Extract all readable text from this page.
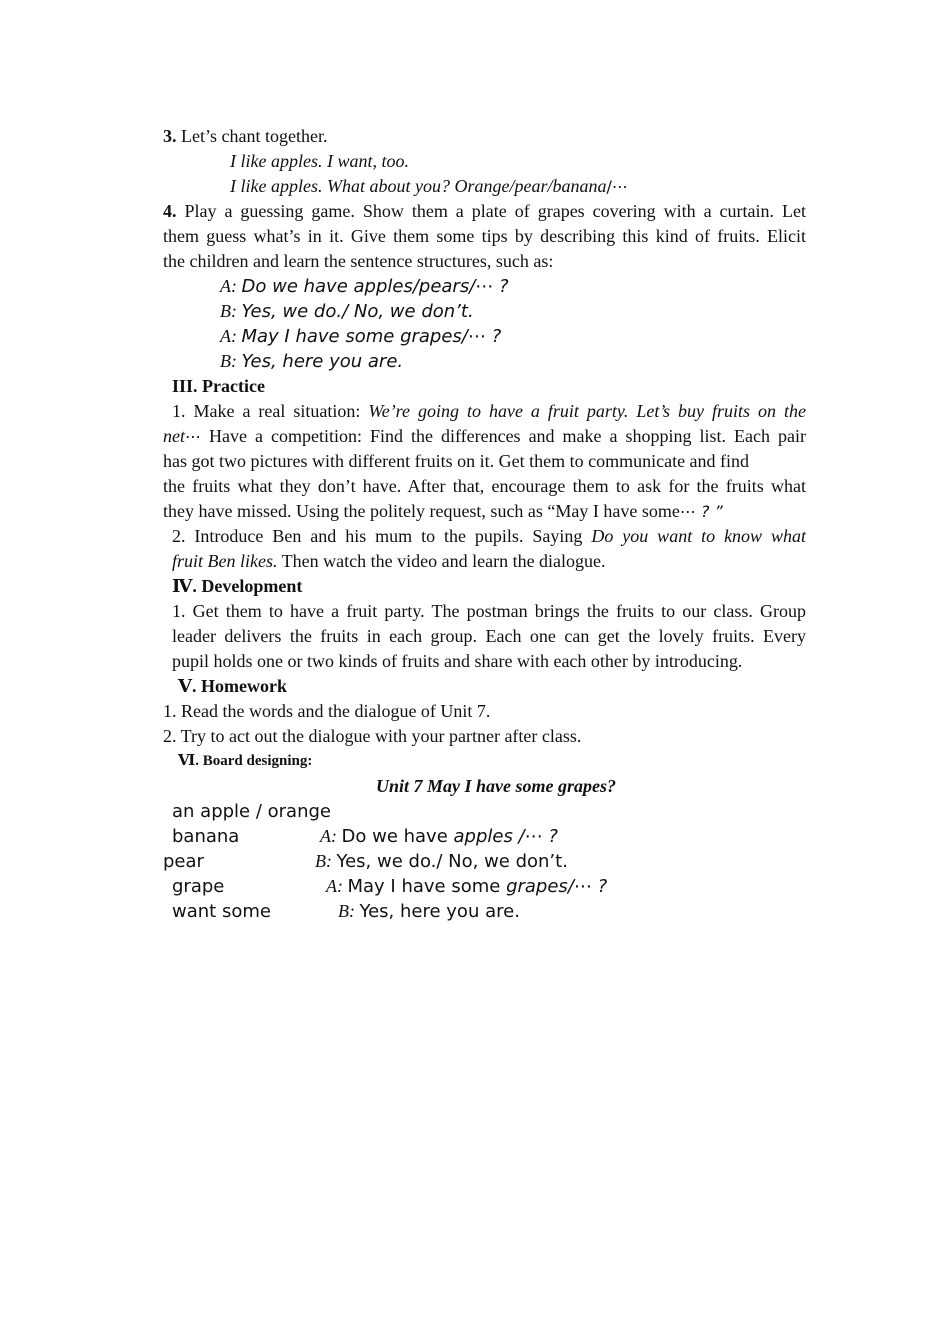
3. Let’s chant together.
I like apples. I want, too.
I like apples. What about you? Orange/pear/banana/⋯
4. Play a guessing game. Show them a plate of grapes covering with a curtain. Let
them guess what’s in it. Give them some tips by describing this kind of fruits. Elicit
the children and learn the sentence structures, such as:
A: Do we have apples/pears/⋯ ?
B: Yes, we do./ No, we don’t.
A: May I have some grapes/⋯ ?
B: Yes, here you are.
III. Practice
1. Make a real situation: We’re going to have a fruit party. Let’s buy fruits on the
net⋯ Have a competition: Find the differences and make a shopping list. Each pair
has got two pictures with different fruits on it. Get them to communicate and find
the fruits what they don’t have. After that, encourage them to ask for the fruits what
they have missed. Using the politely request, such as “May I have some⋯ ? ”
2. Introduce Ben and his mum to the pupils. Saying Do you want to know what
fruit Ben likes. Then watch the video and learn the dialogue.
Ⅳ. Development
1. Get them to have a fruit party. The postman brings the fruits to our class. Group
leader delivers the fruits in each group. Each one can get the lovely fruits. Every
pupil holds one or two kinds of fruits and share with each other by introducing.
Ⅴ. Homework
1. Read the words and the dialogue of Unit 7.
2. Try to act out the dialogue with your partner after class.
Ⅵ. Board designing:
Unit 7 May I have some grapes?
an apple / orange
banana
pear
grape
want some
A: Do we have apples /⋯ ?
B: Yes, we do./ No, we don’t.
A: May I have some grapes/⋯ ?
B: Yes, here you are.
